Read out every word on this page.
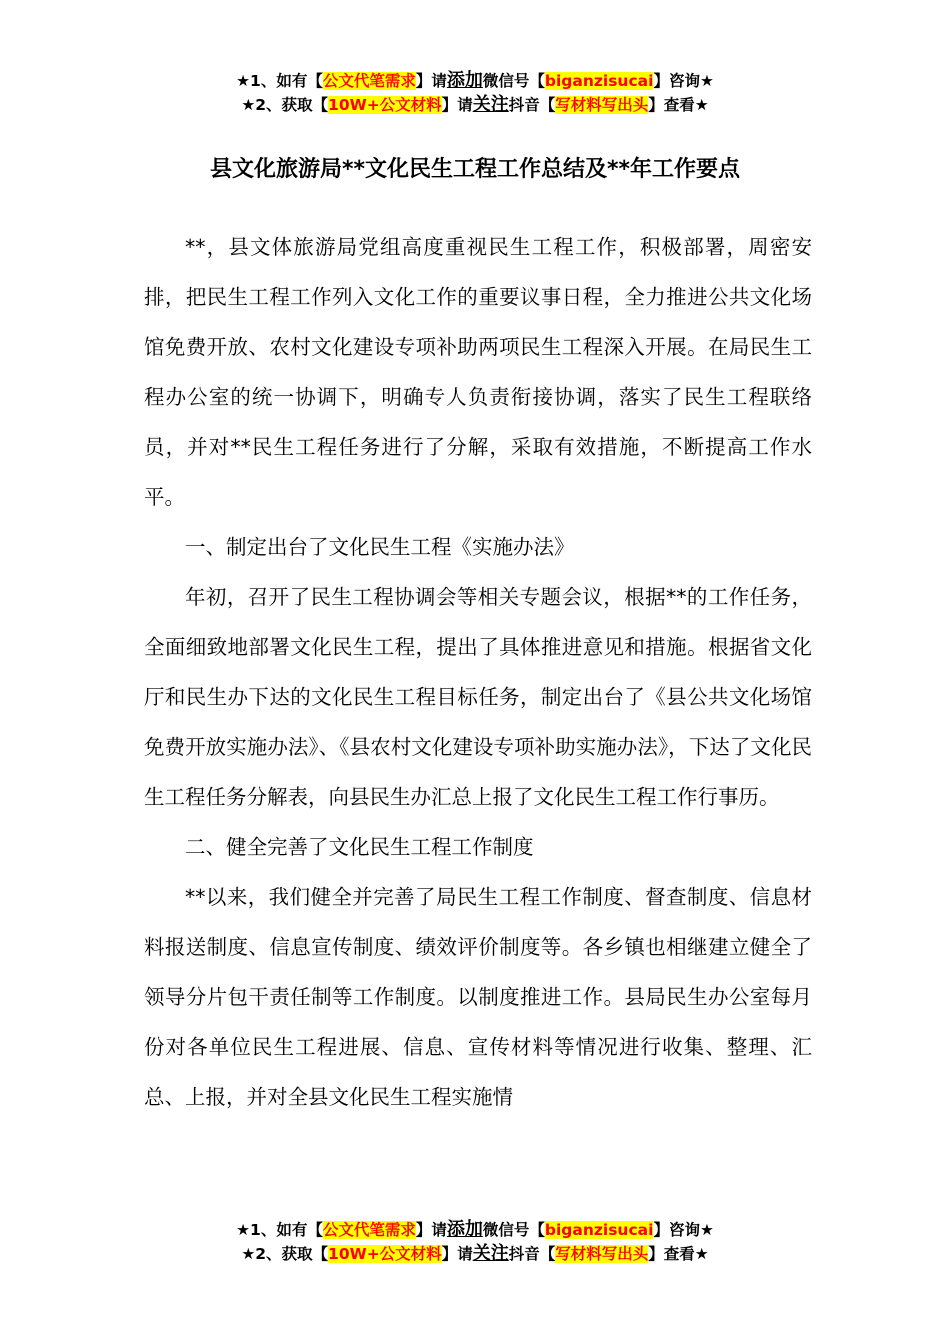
★1、如有【公文代笔需求】请添加微信号【biganzisucai】咨询★
★2、获取【10W+公文材料】请关注抖音【写材料写出头】查看★
县文化旅游局**文化民生工程工作总结及**年工作要点

**，县文体旅游局党组高度重视民生工程工作，积极部署，周密安排，把民生工程工作列入文化工作的重要议事日程，全力推进公共文化场馆免费开放、农村文化建设专项补助两项民生工程深入开展。在局民生工程办公室的统一协调下，明确专人负责衔接协调，落实了民生工程联络员，并对**民生工程任务进行了分解，采取有效措施，不断提高工作水平。

一、制定出台了文化民生工程《实施办法》

年初，召开了民生工程协调会等相关专题会议，根据**的工作任务，全面细致地部署文化民生工程，提出了具体推进意见和措施。根据省文化厅和民生办下达的文化民生工程目标任务，制定出台了《县公共文化场馆免费开放实施办法》、《县农村文化建设专项补助实施办法》，下达了文化民生工程任务分解表，向县民生办汇总上报了文化民生工程工作行事历。

二、健全完善了文化民生工程工作制度

**以来，我们健全并完善了局民生工程工作制度、督查制度、信息材料报送制度、信息宣传制度、绩效评价制度等。各乡镇也相继建立健全了领导分片包干责任制等工作制度。以制度推进工作。县局民生办公室每月份对各单位民生工程进展、信息、宣传材料等情况进行收集、整理、汇总、上报，并对全县文化民生工程实施情

★1、如有【公文代笔需求】请添加微信号【biganzisucai】咨询★
★2、获取【10W+公文材料】请关注抖音【写材料写出头】查看★
